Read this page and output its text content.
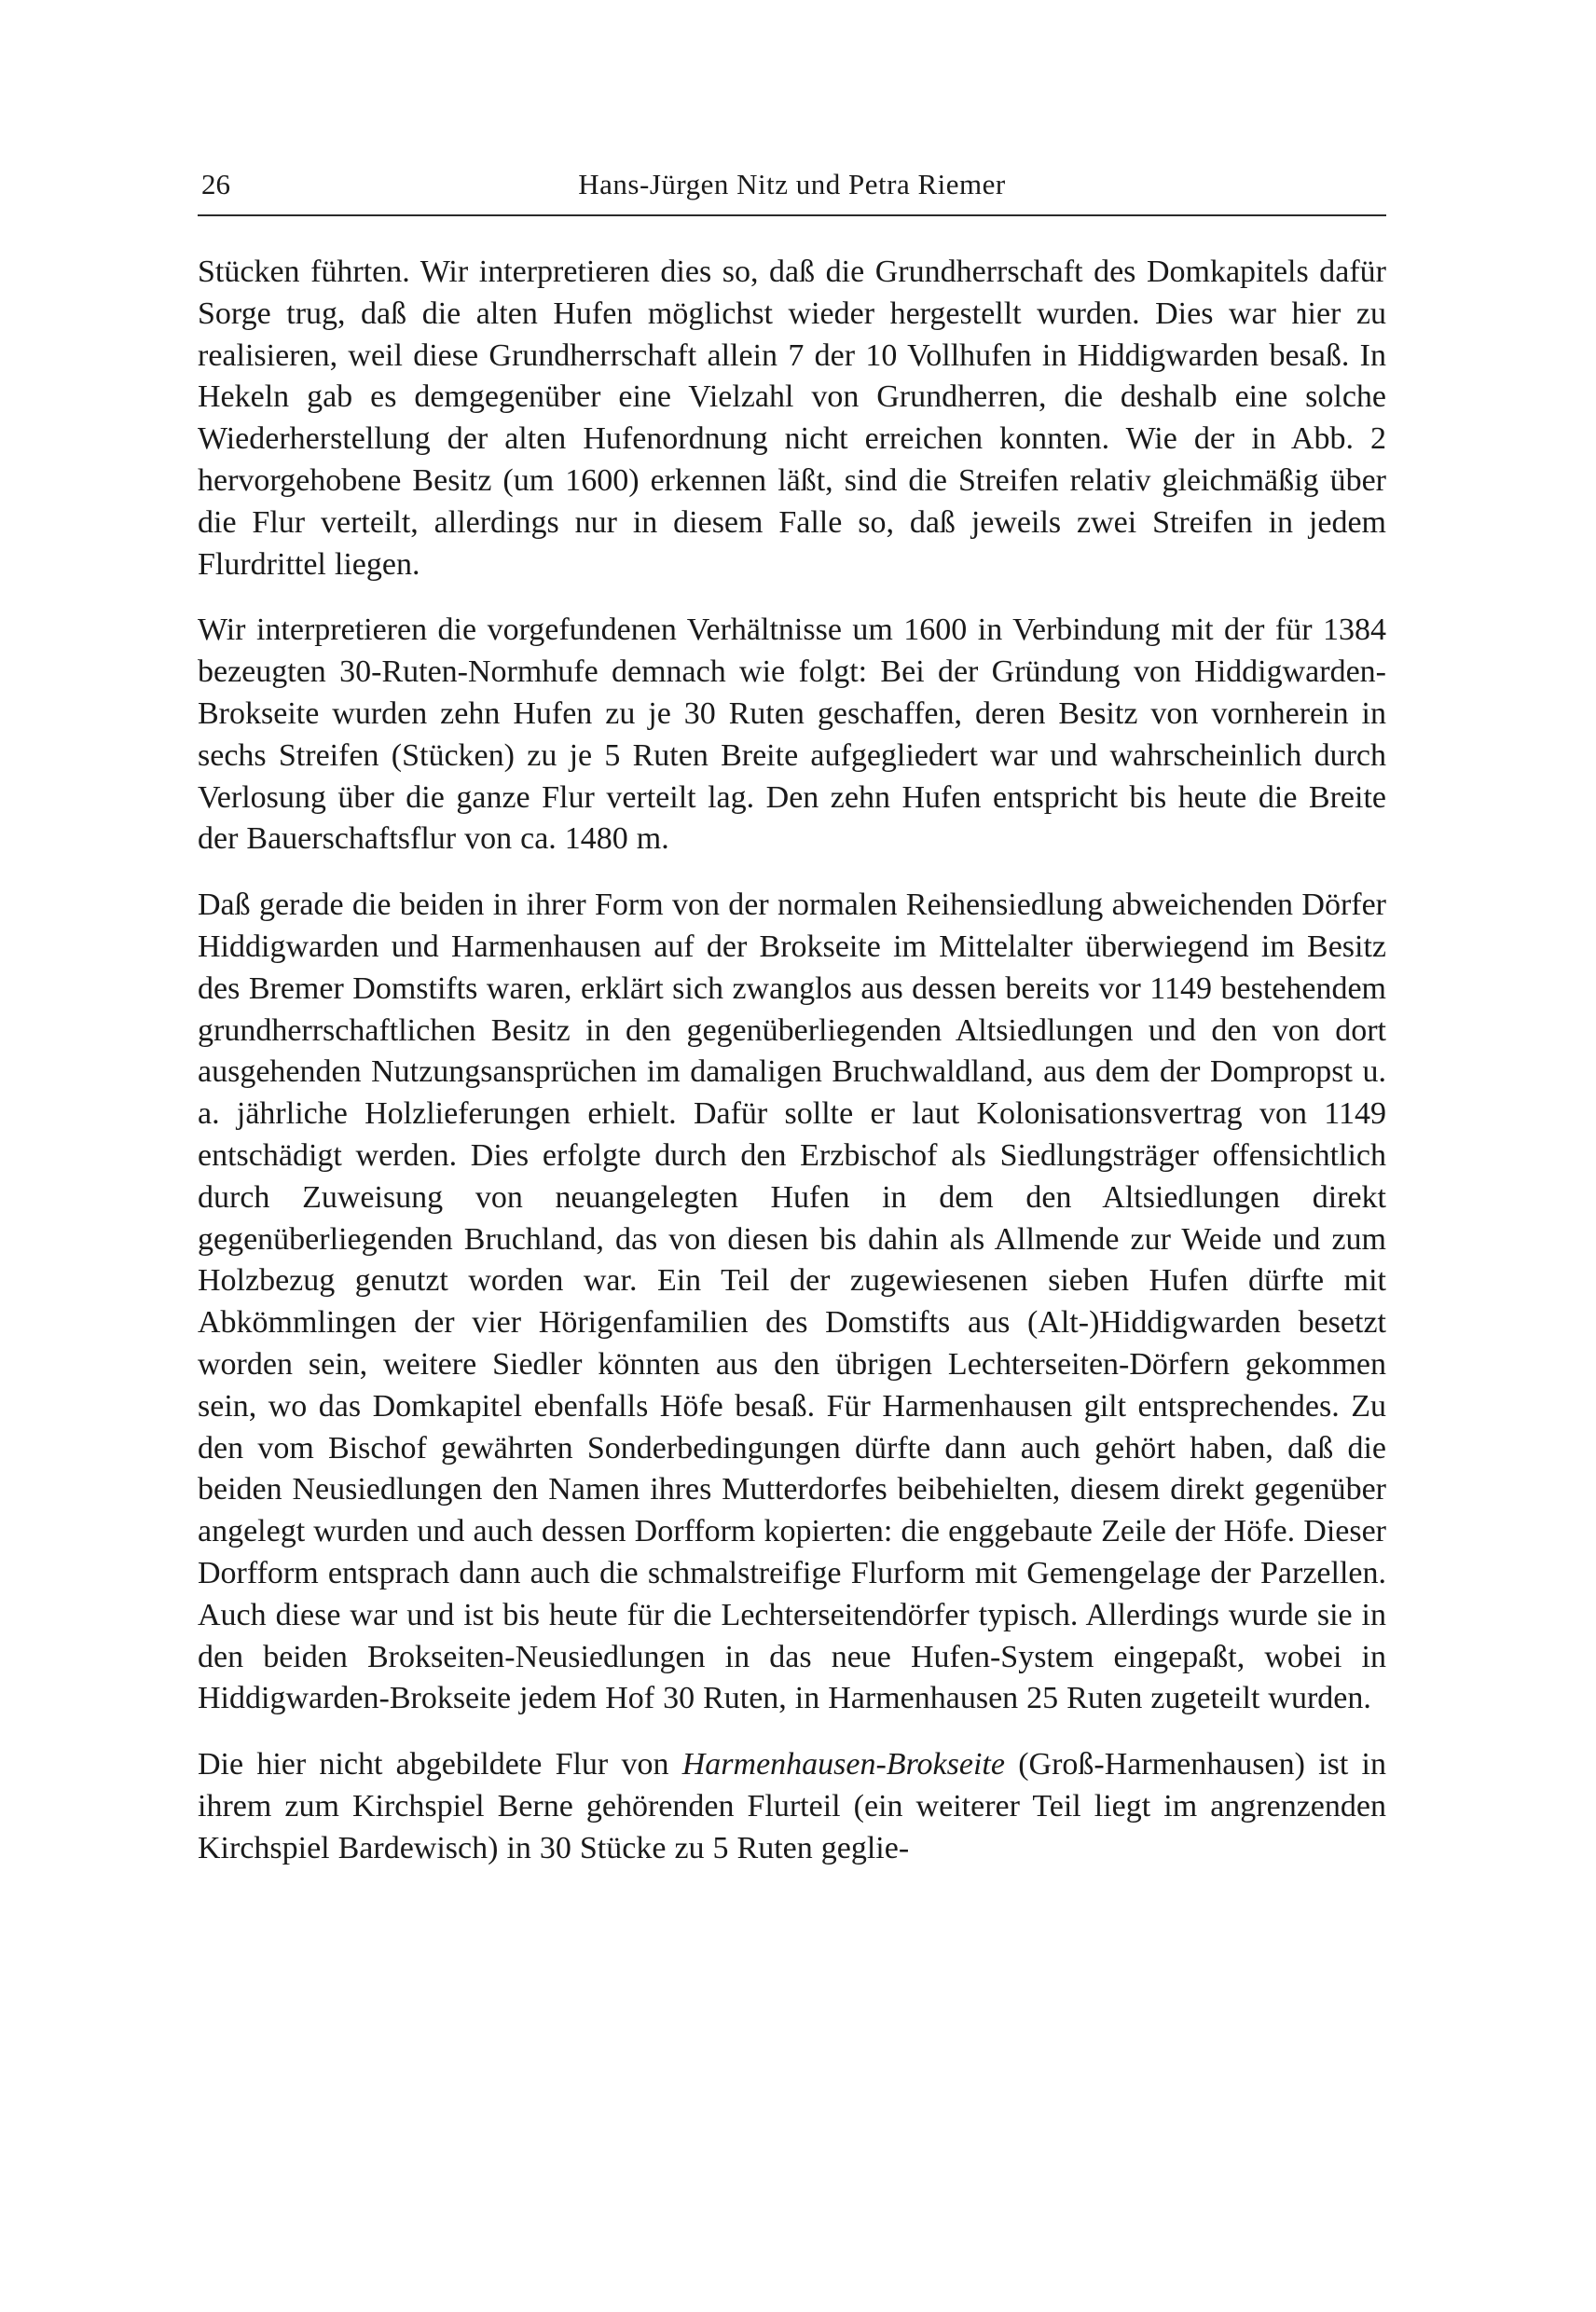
26	Hans-Jürgen Nitz und Petra Riemer

Stücken führten. Wir interpretieren dies so, daß die Grundherrschaft des Domkapitels dafür Sorge trug, daß die alten Hufen möglichst wieder hergestellt wurden. Dies war hier zu realisieren, weil diese Grundherrschaft allein 7 der 10 Vollhufen in Hiddigwarden besaß. In Hekeln gab es demgegenüber eine Vielzahl von Grundherren, die deshalb eine solche Wiederherstellung der alten Hufenordnung nicht erreichen konnten. Wie der in Abb. 2 hervorgehobene Besitz (um 1600) erkennen läßt, sind die Streifen relativ gleichmäßig über die Flur verteilt, allerdings nur in diesem Falle so, daß jeweils zwei Streifen in jedem Flurdrittel liegen.

Wir interpretieren die vorgefundenen Verhältnisse um 1600 in Verbindung mit der für 1384 bezeugten 30-Ruten-Normhufe demnach wie folgt: Bei der Gründung von Hiddigwarden-Brokseite wurden zehn Hufen zu je 30 Ruten geschaffen, deren Besitz von vornherein in sechs Streifen (Stücken) zu je 5 Ruten Breite aufgegliedert war und wahrscheinlich durch Verlosung über die ganze Flur verteilt lag. Den zehn Hufen entspricht bis heute die Breite der Bauerschaftsflur von ca. 1480 m.

Daß gerade die beiden in ihrer Form von der normalen Reihensiedlung abweichenden Dörfer Hiddigwarden und Harmenhausen auf der Brokseite im Mittelalter überwiegend im Besitz des Bremer Domstifts waren, erklärt sich zwanglos aus dessen bereits vor 1149 bestehendem grundherrschaftlichen Besitz in den gegenüberliegenden Altsiedlungen und den von dort ausgehenden Nutzungsansprüchen im damaligen Bruchwaldland, aus dem der Dompropst u. a. jährliche Holzlieferungen erhielt. Dafür sollte er laut Kolonisationsvertrag von 1149 entschädigt werden. Dies erfolgte durch den Erzbischof als Siedlungsträger offensichtlich durch Zuweisung von neuangelegten Hufen in dem den Altsiedlungen direkt gegenüberliegenden Bruchland, das von diesen bis dahin als Allmende zur Weide und zum Holzbezug genutzt worden war. Ein Teil der zugewiesenen sieben Hufen dürfte mit Abkömmlingen der vier Hörigenfamilien des Domstifts aus (Alt-)Hiddigwarden besetzt worden sein, weitere Siedler könnten aus den übrigen Lechterseiten-Dörfern gekommen sein, wo das Domkapitel ebenfalls Höfe besaß. Für Harmenhausen gilt entsprechendes. Zu den vom Bischof gewährten Sonderbedingungen dürfte dann auch gehört haben, daß die beiden Neusiedlungen den Namen ihres Mutterdorfes beibehielten, diesem direkt gegenüber angelegt wurden und auch dessen Dorfform kopierten: die enggebaute Zeile der Höfe. Dieser Dorfform entsprach dann auch die schmalstreifige Flurform mit Gemengelage der Parzellen. Auch diese war und ist bis heute für die Lechterseitendörfer typisch. Allerdings wurde sie in den beiden Brokseiten-Neusiedlungen in das neue Hufen-System eingepaßt, wobei in Hiddigwarden-Brokseite jedem Hof 30 Ruten, in Harmenhausen 25 Ruten zugeteilt wurden.

Die hier nicht abgebildete Flur von Harmenhausen-Brokseite (Groß-Harmenhausen) ist in ihrem zum Kirchspiel Berne gehörenden Flurteil (ein weiterer Teil liegt im angrenzenden Kirchspiel Bardewisch) in 30 Stücke zu 5 Ruten geglie-
